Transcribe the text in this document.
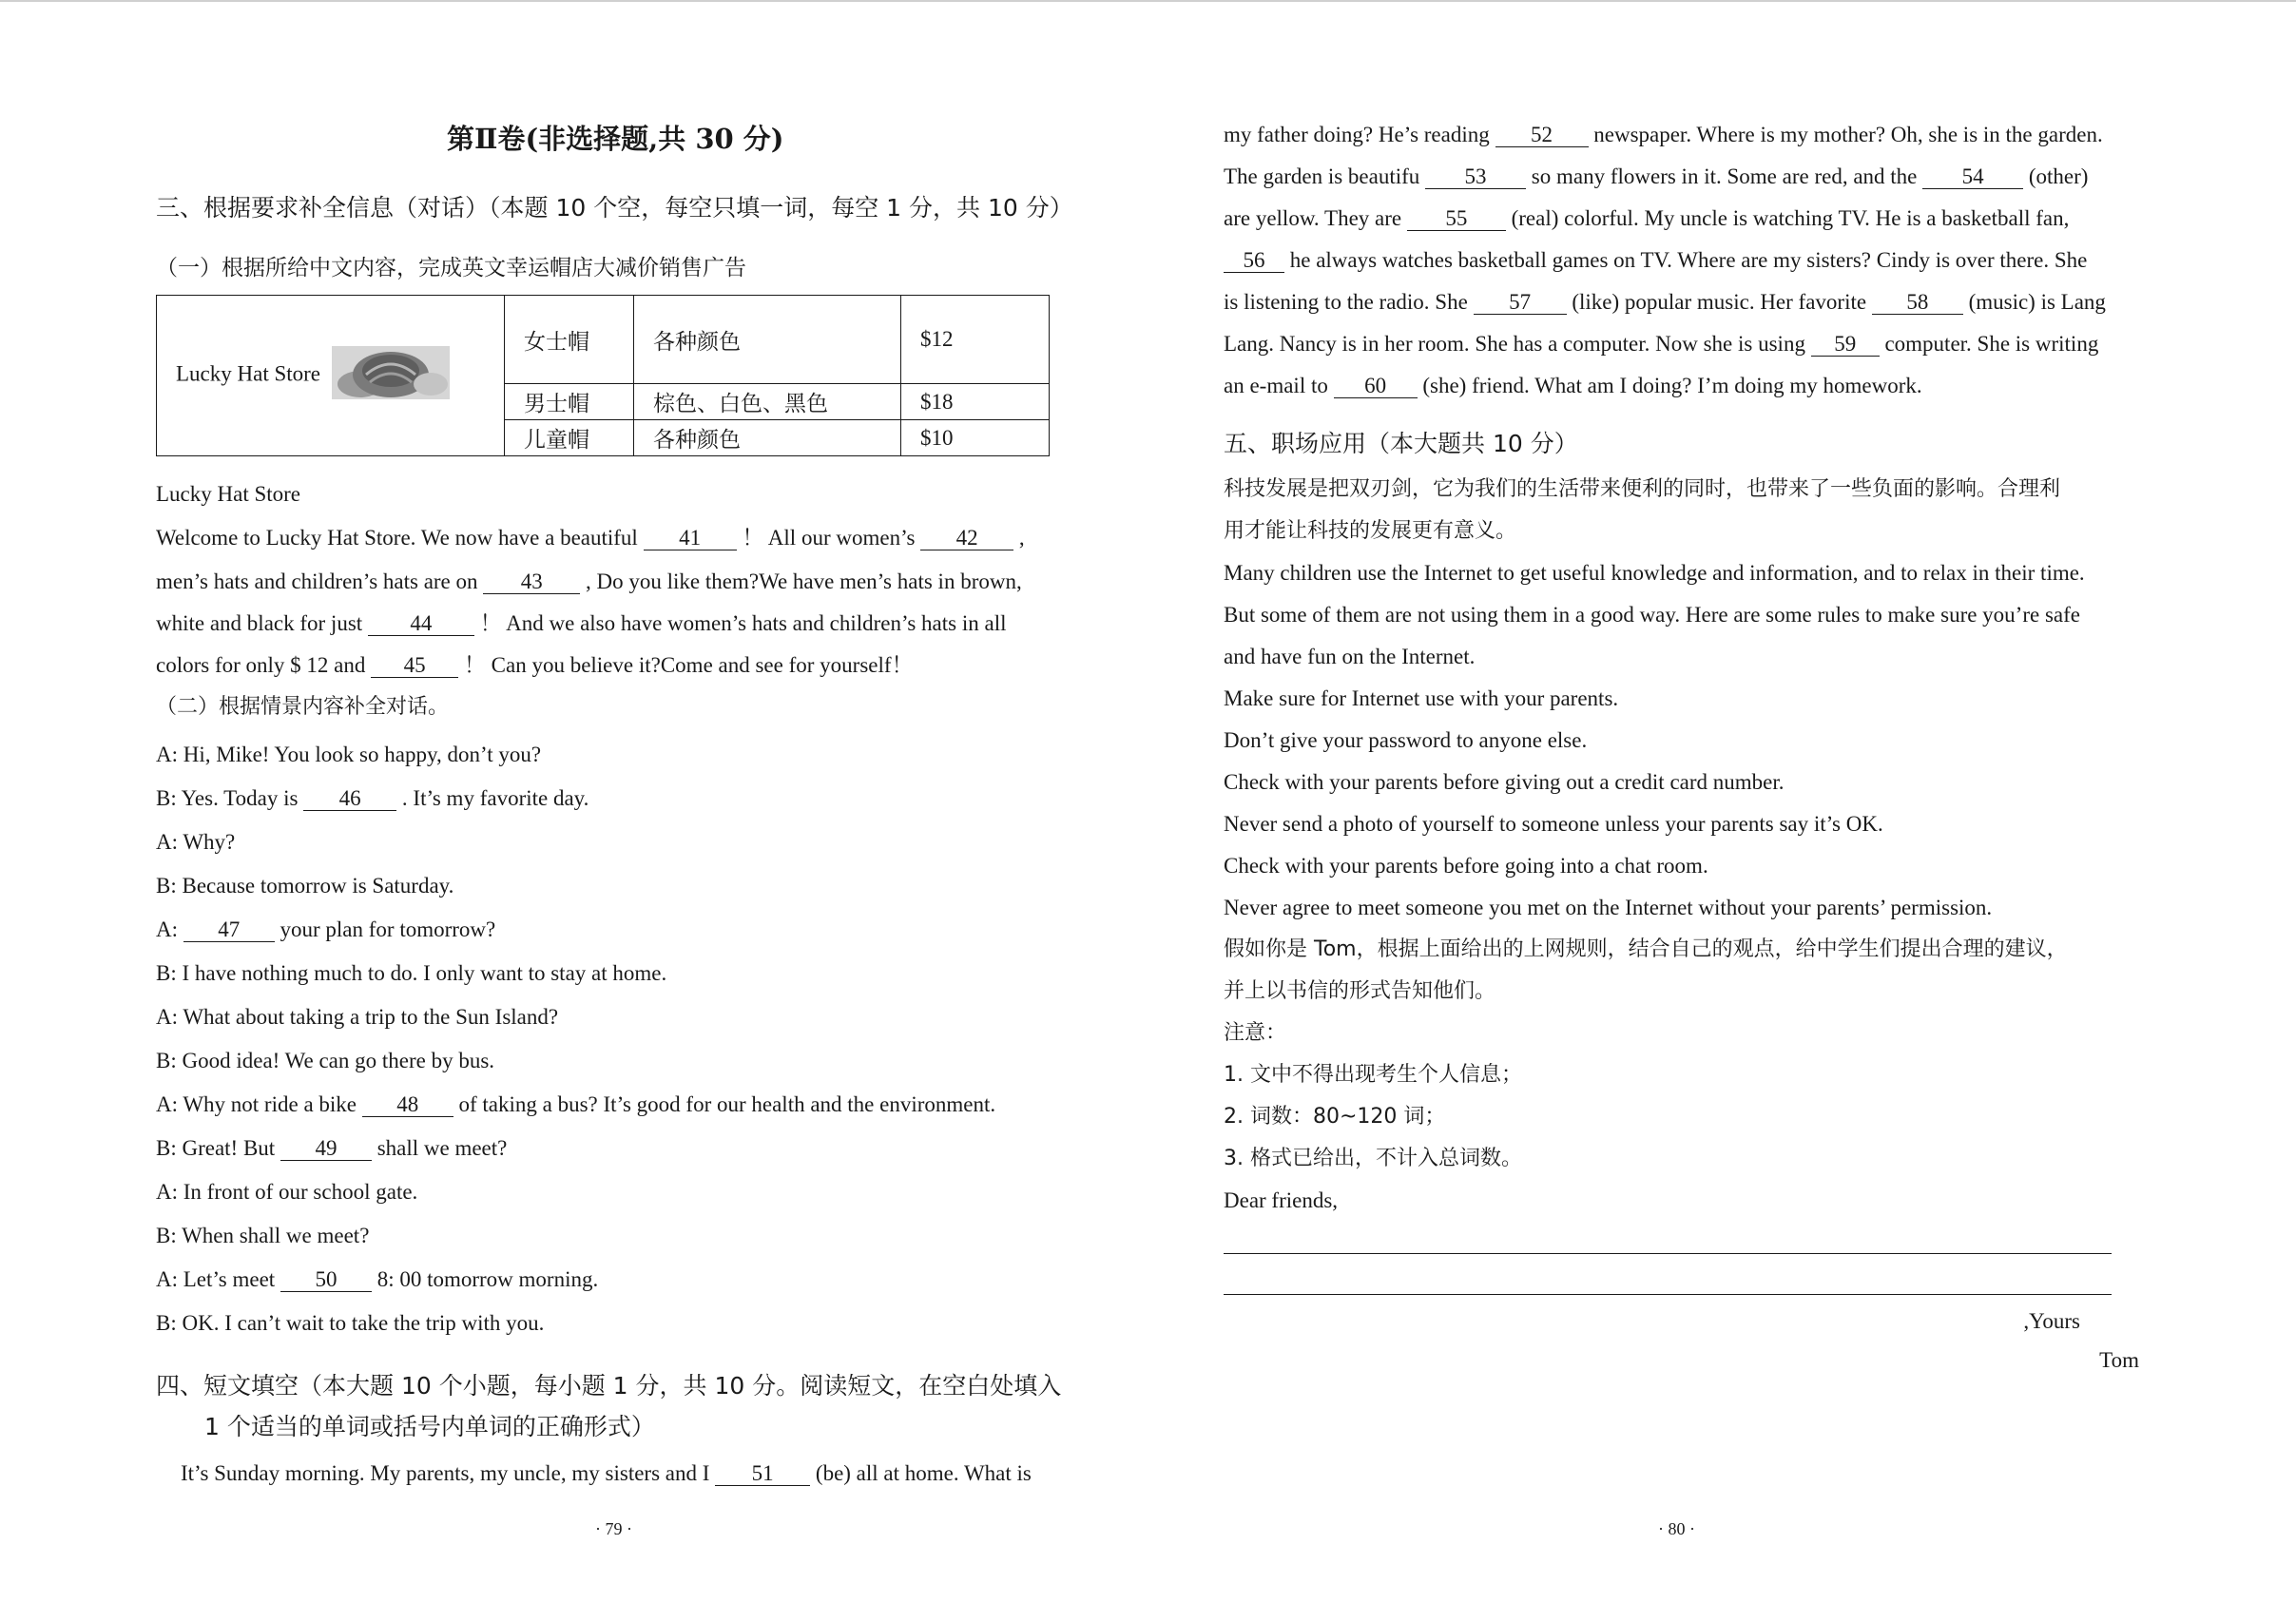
第Ⅱ卷(非选择题,共 30 分)
三、根据要求补全信息（对话）（本题 10 个空，每空只填一词，每空 1 分，共 10 分）
（一）根据所给中文内容，完成英文幸运帽店大减价销售广告
Lucky Hat Store	女士帽	各种颜色	$12
	男士帽	棕色、白色、黑色	$18
	儿童帽	各种颜色	$10
Lucky Hat Store
Welcome to Lucky Hat Store. We now have a beautiful 41 ！ All our women’s 42 ,
men’s hats and children’s hats are on 43 , Do you like them?We have men’s hats in brown,
white and black for just 44 ！ And we also have women’s hats and children’s hats in all
colors for only $ 12 and 45 ！ Can you believe it?Come and see for yourself！
（二）根据情景内容补全对话。
A: Hi, Mike! You look so happy, don’t you?
B: Yes. Today is 46 . It’s my favorite day.
A: Why?
B: Because tomorrow is Saturday.
A: 47 your plan for tomorrow?
B: I have nothing much to do. I only want to stay at home.
A: What about taking a trip to the Sun Island?
B: Good idea! We can go there by bus.
A: Why not ride a bike 48 of taking a bus? It’s good for our health and the environment.
B: Great! But 49 shall we meet?
A: In front of our school gate.
B: When shall we meet?
A: Let’s meet 50 8: 00 tomorrow morning.
B: OK. I can’t wait to take the trip with you.
四、短文填空（本大题 10 个小题，每小题 1 分，共 10 分。阅读短文，在空白处填入
1 个适当的单词或括号内单词的正确形式）
It’s Sunday morning. My parents, my uncle, my sisters and I 51 (be) all at home. What is
· 79 ·
my father doing? He’s reading 52 newspaper. Where is my mother? Oh, she is in the garden.
The garden is beautifu 53 so many flowers in it. Some are red, and the 54 (other)
are yellow. They are 55 (real) colorful. My uncle is watching TV. He is a basketball fan,
56 he always watches basketball games on TV. Where are my sisters? Cindy is over there. She
is listening to the radio. She 57 (like) popular music. Her favorite 58 (music) is Lang
Lang. Nancy is in her room. She has a computer. Now she is using 59 computer. She is writing
an e-mail to 60 (she) friend. What am I doing? I’m doing my homework.
五、职场应用（本大题共 10 分）
科技发展是把双刃剑，它为我们的生活带来便利的同时，也带来了一些负面的影响。合理利
用才能让科技的发展更有意义。
Many children use the Internet to get useful knowledge and information, and to relax in their time.
But some of them are not using them in a good way. Here are some rules to make sure you’re safe
and have fun on the Internet.
Make sure for Internet use with your parents.
Don’t give your password to anyone else.
Check with your parents before giving out a credit card number.
Never send a photo of yourself to someone unless your parents say it’s OK.
Check with your parents before going into a chat room.
Never agree to meet someone you met on the Internet without your parents’ permission.
假如你是 Tom，根据上面给出的上网规则，结合自己的观点，给中学生们提出合理的建议，
并上以书信的形式告知他们。
注意：
1. 文中不得出现考生个人信息；
2. 词数：80~120 词；
3. 格式已给出，不计入总词数。
Dear friends,
Yours,
Tom
· 80 ·
